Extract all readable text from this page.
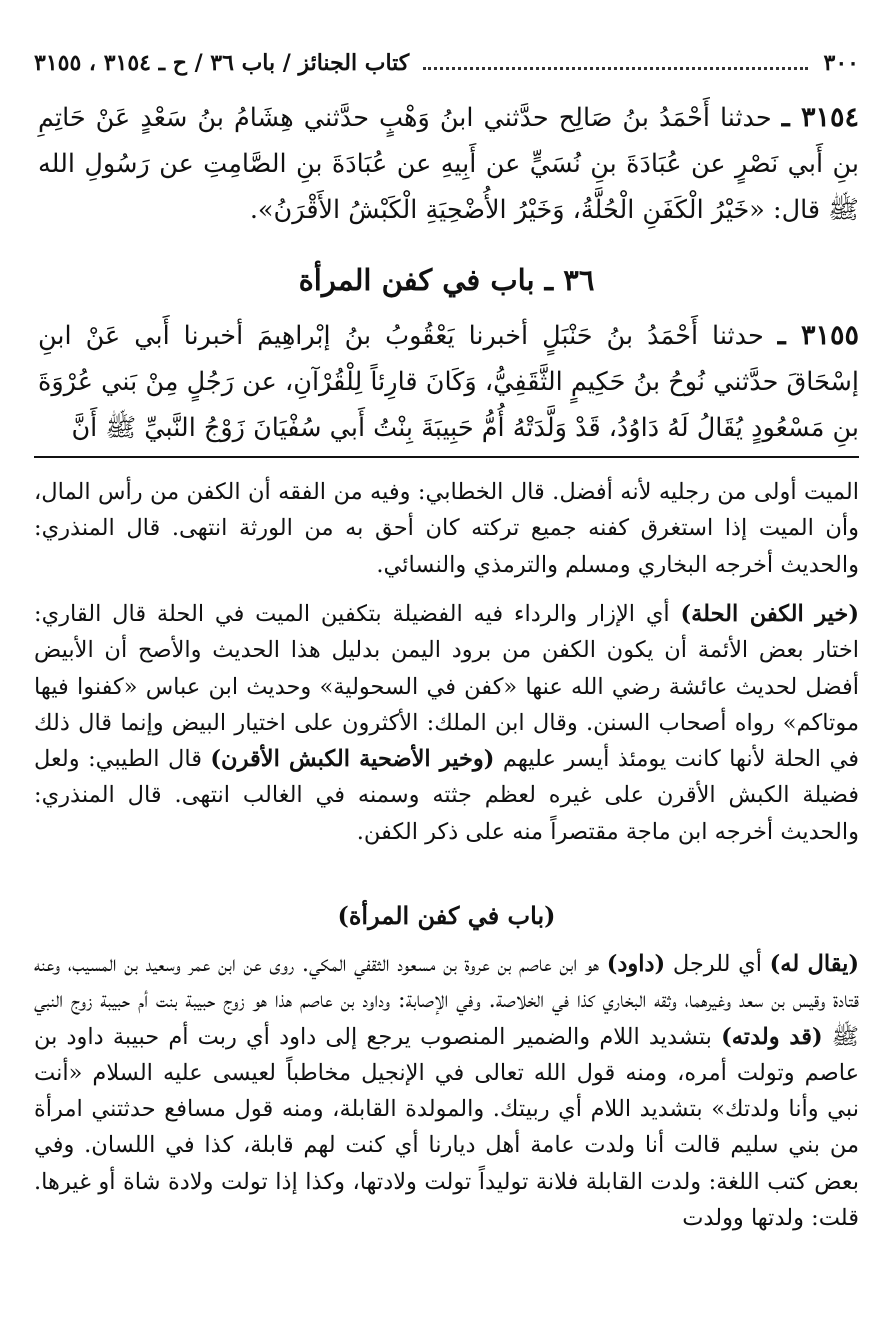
٣٠٠
كتاب الجنائز / باب ٣٦ / ح ـ ٣١٥٤ ، ٣١٥٥
٣١٥٤ ـ حدثنا أَحْمَدُ بنُ صَالِح حدَّثني ابنُ وَهْبٍ حدَّثني هِشَامُ بنُ سَعْدٍ عَنْ حَاتِمِ بنِ أَبي نَصْرٍ عن عُبَادَةَ بنِ نُسَيٍّ عن أَبِيهِ عن عُبَادَةَ بنِ الصَّامِتِ عن رَسُولِ الله ﷺ قال: «خَيْرُ الْكَفَنِ الْحُلَّةُ، وَخَيْرُ الأُضْحِيَةِ الْكَبْشُ الأَقْرَنُ».
٣٦ ـ باب في كفن المرأة
٣١٥٥ ـ حدثنا أَحْمَدُ بنُ حَنْبَلٍ أخبرنا يَعْقُوبُ بنُ إبْراهِيمَ أخبرنا أَبي عَنْ ابنِ إسْحَاقَ حدَّثني نُوحُ بنُ حَكِيمٍ الثَّقَفِيُّ، وَكَانَ قارِئاً لِلْقُرْآنِ، عن رَجُلٍ مِنْ بَني عُرْوَةَ بنِ مَسْعُودٍ يُقَالُ لَهُ دَاوُدُ، قَدْ وَلَّدَتْهُ أُمُّ حَبِيبَةَ بِنْتُ أَبي سُفْيَانَ زَوْجُ النَّبيِّ ﷺ أَنَّ
الميت أولى من رجليه لأنه أفضل. قال الخطابي: وفيه من الفقه أن الكفن من رأس المال، وأن الميت إذا استغرق كفنه جميع تركته كان أحق به من الورثة انتهى. قال المنذري: والحديث أخرجه البخاري ومسلم والترمذي والنسائي.
(خير الكفن الحلة) أي الإزار والرداء فيه الفضيلة بتكفين الميت في الحلة قال القاري: اختار بعض الأئمة أن يكون الكفن من برود اليمن بدليل هذا الحديث والأصح أن الأبيض أفضل لحديث عائشة رضي الله عنها «كفن في السحولية» وحديث ابن عباس «كفنوا فيها موتاكم» رواه أصحاب السنن. وقال ابن الملك: الأكثرون على اختيار البيض وإنما قال ذلك في الحلة لأنها كانت يومئذ أيسر عليهم (وخير الأضحية الكبش الأقرن) قال الطيبي: ولعل فضيلة الكبش الأقرن على غيره لعظم جثته وسمنه في الغالب انتهى. قال المنذري: والحديث أخرجه ابن ماجة مقتصراً منه على ذكر الكفن.
(باب في كفن المرأة)
(يقال له) أي للرجل (داود) هو ابن عاصم بن عروة بن مسعود الثقفي المكي. روى عن ابن عمر وسعيد بن المسيب، وعنه قتادة وقيس بن سعد وغيرهما، وثقه البخاري كذا في الخلاصة. وفي الإصابة: وداود بن عاصم هذا هو زوج حبيبة بنت أم حبيبة زوج النبي ﷺ (قد ولدته) بتشديد اللام والضمير المنصوب يرجع إلى داود أي ربت أم حبيبة داود بن عاصم وتولت أمره، ومنه قول الله تعالى في الإنجيل مخاطباً لعيسى عليه السلام «أنت نبي وأنا ولدتك» بتشديد اللام أي ربيتك. والمولدة القابلة، ومنه قول مسافع حدثتني امرأة من بني سليم قالت أنا ولدت عامة أهل ديارنا أي كنت لهم قابلة، كذا في اللسان. وفي بعض كتب اللغة: ولدت القابلة فلانة توليداً تولت ولادتها، وكذا إذا تولت ولادة شاة أو غيرها. قلت: ولدتها وولدت
